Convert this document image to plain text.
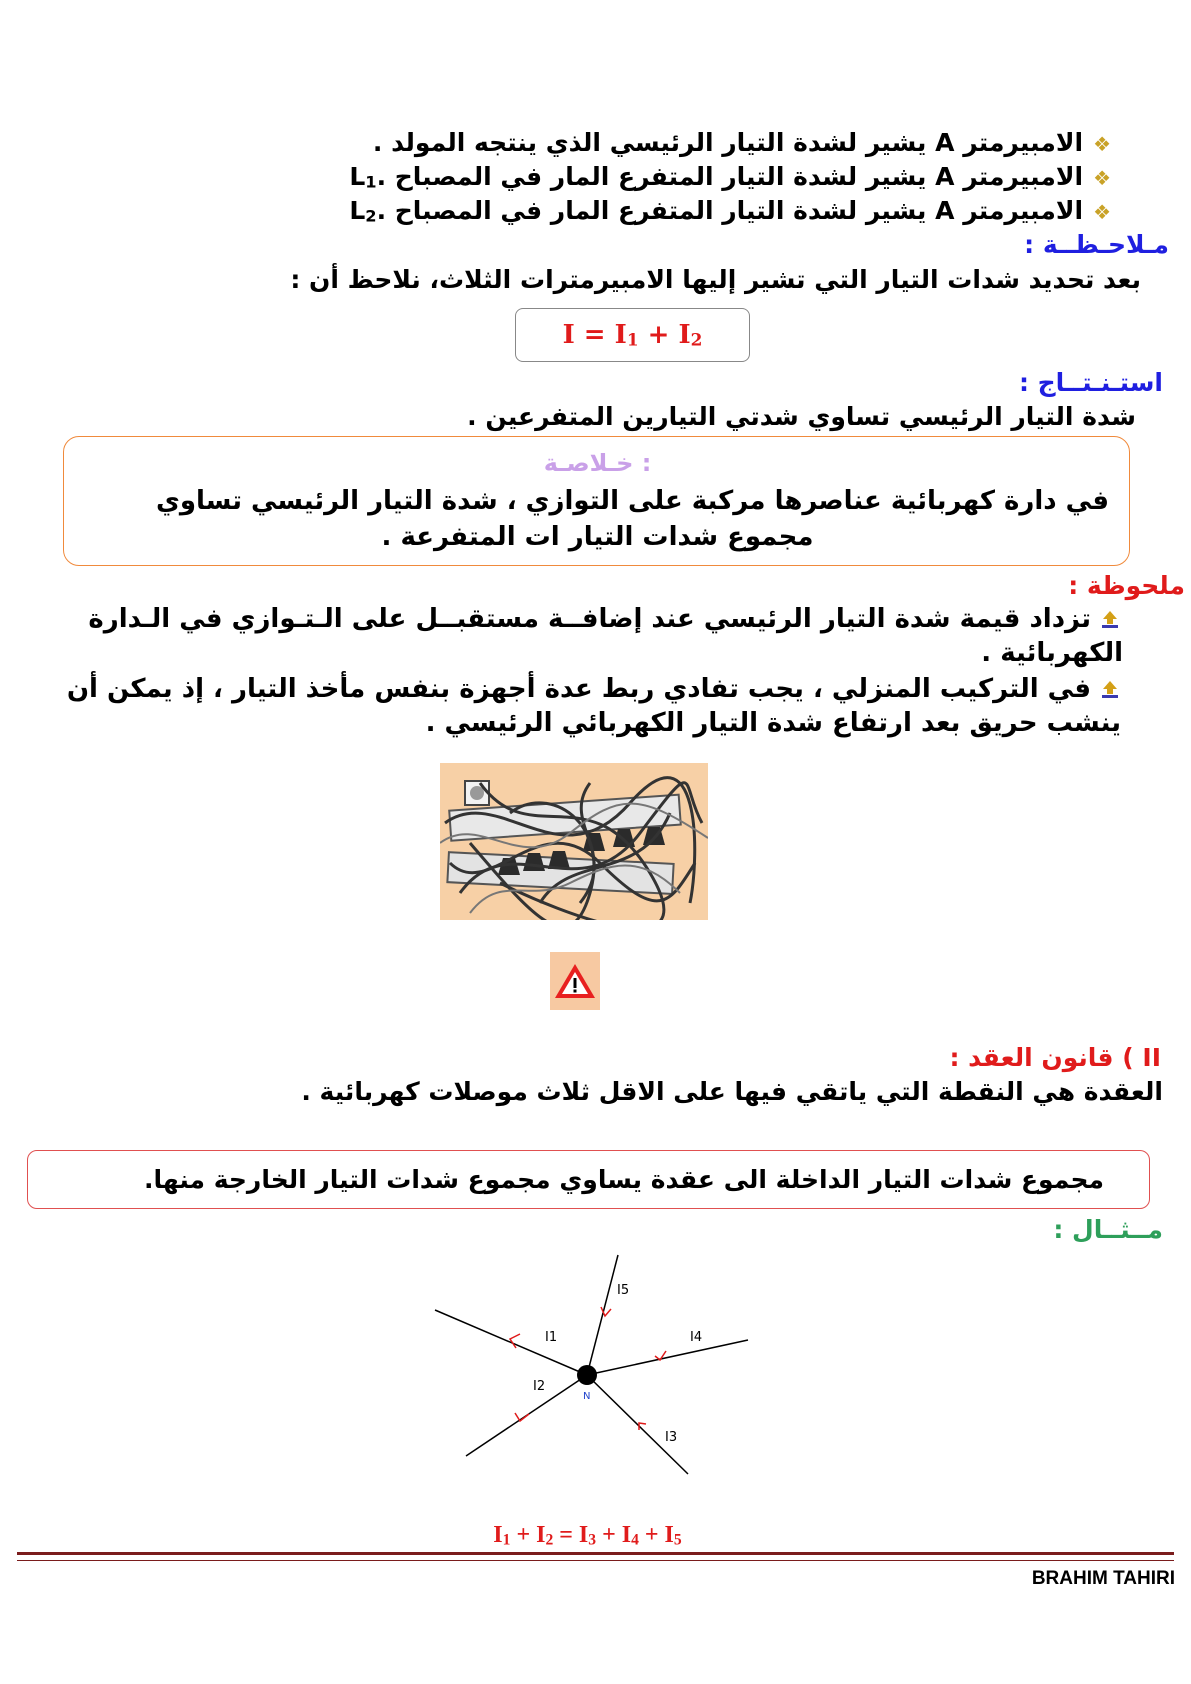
❖الامبيرمتر A يشير لشدة التيار الرئيسي الذي ينتجه المولد .
❖الامبيرمتر A يشير لشدة التيار المتفرع المار في المصباح L1.
❖الامبيرمتر A يشير لشدة التيار المتفرع المار في المصباح L2.
مـلاحـظــة :
بعد تحديد شدات التيار التي تشير إليها الامبيرمترات الثلاث، نلاحظ أن :
I = I1 + I2
استـنـتــاج :
شدة التيار الرئيسي تساوي شدتي التيارين المتفرعين .
خـلاصـة :
في دارة كهربائية عناصرها مركبة على التوازي ، شدة التيار الرئيسي تساوي
مجموع شدات التيار ات المتفرعة .
ملحوظة :
تزداد قيمة شدة التيار الرئيسي عند إضافــة مستقبــل على الـتـوازي في الـدارة
الكهربائية .
في التركيب المنزلي ، يجب تفادي ربط عدة أجهزة بنفس مأخذ التيار ، إذ يمكن أن
ينشب حريق بعد ارتفاع شدة التيار الكهربائي الرئيسي .
II ) قانون العقد :
العقدة هي النقطة التي ياتقي فيها على الاقل ثلاث موصلات كهربائية .
مجموع شدات التيار الداخلة الى عقدة يساوي مجموع شدات التيار الخارجة منها.
مــثــال :
N
I5
I1	I4
I2
I3
I1 + I2 = I3 + I4 + I5
BRAHIM TAHIRI
